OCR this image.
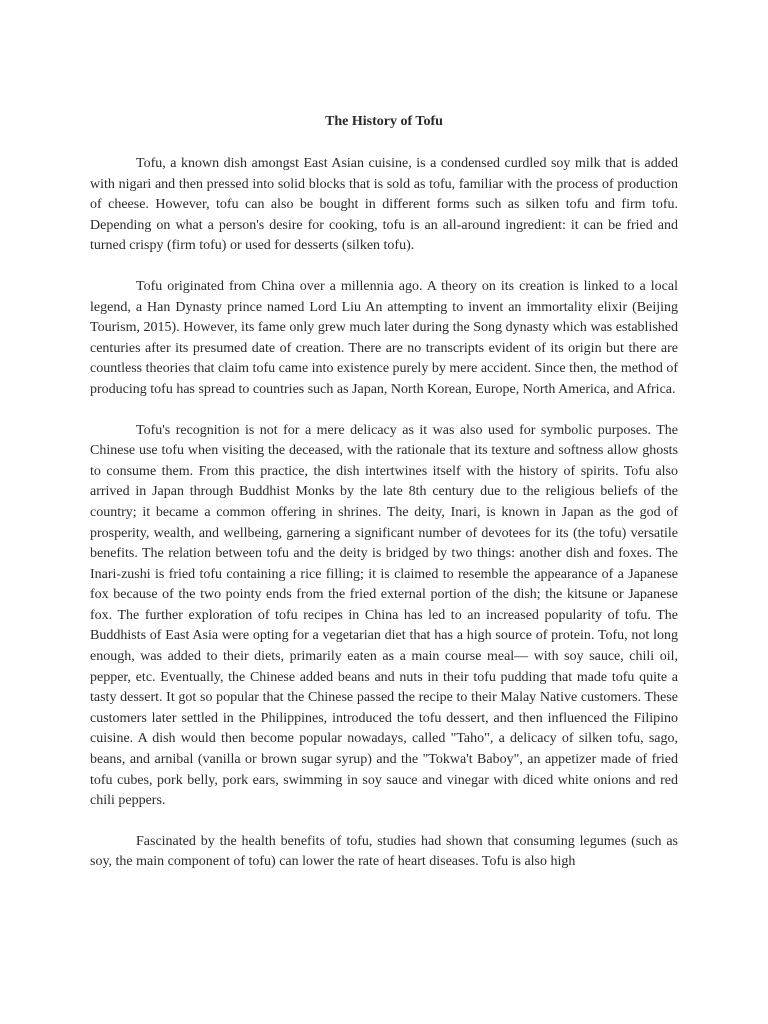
The History of Tofu

Tofu, a known dish amongst East Asian cuisine, is a condensed curdled soy milk that is added with nigari and then pressed into solid blocks that is sold as tofu, familiar with the process of production of cheese. However, tofu can also be bought in different forms such as silken tofu and firm tofu. Depending on what a person's desire for cooking, tofu is an all-around ingredient: it can be fried and turned crispy (firm tofu) or used for desserts (silken tofu).

Tofu originated from China over a millennia ago. A theory on its creation is linked to a local legend, a Han Dynasty prince named Lord Liu An attempting to invent an immortality elixir (Beijing Tourism, 2015). However, its fame only grew much later during the Song dynasty which was established centuries after its presumed date of creation. There are no transcripts evident of its origin but there are countless theories that claim tofu came into existence purely by mere accident. Since then, the method of producing tofu has spread to countries such as Japan, North Korean, Europe, North America, and Africa.

Tofu's recognition is not for a mere delicacy as it was also used for symbolic purposes. The Chinese use tofu when visiting the deceased, with the rationale that its texture and softness allow ghosts to consume them. From this practice, the dish intertwines itself with the history of spirits. Tofu also arrived in Japan through Buddhist Monks by the late 8th century due to the religious beliefs of the country; it became a common offering in shrines. The deity, Inari, is known in Japan as the god of prosperity, wealth, and wellbeing, garnering a significant number of devotees for its (the tofu) versatile benefits. The relation between tofu and the deity is bridged by two things: another dish and foxes. The Inari-zushi is fried tofu containing a rice filling; it is claimed to resemble the appearance of a Japanese fox because of the two pointy ends from the fried external portion of the dish; the kitsune or Japanese fox. The further exploration of tofu recipes in China has led to an increased popularity of tofu. The Buddhists of East Asia were opting for a vegetarian diet that has a high source of protein. Tofu, not long enough, was added to their diets, primarily eaten as a main course meal— with soy sauce, chili oil, pepper, etc. Eventually, the Chinese added beans and nuts in their tofu pudding that made tofu quite a tasty dessert. It got so popular that the Chinese passed the recipe to their Malay Native customers. These customers later settled in the Philippines, introduced the tofu dessert, and then influenced the Filipino cuisine. A dish would then become popular nowadays, called "Taho", a delicacy of silken tofu, sago, beans, and arnibal (vanilla or brown sugar syrup) and the "Tokwa't Baboy", an appetizer made of fried tofu cubes, pork belly, pork ears, swimming in soy sauce and vinegar with diced white onions and red chili peppers.

Fascinated by the health benefits of tofu, studies had shown that consuming legumes (such as soy, the main component of tofu) can lower the rate of heart diseases. Tofu is also high
